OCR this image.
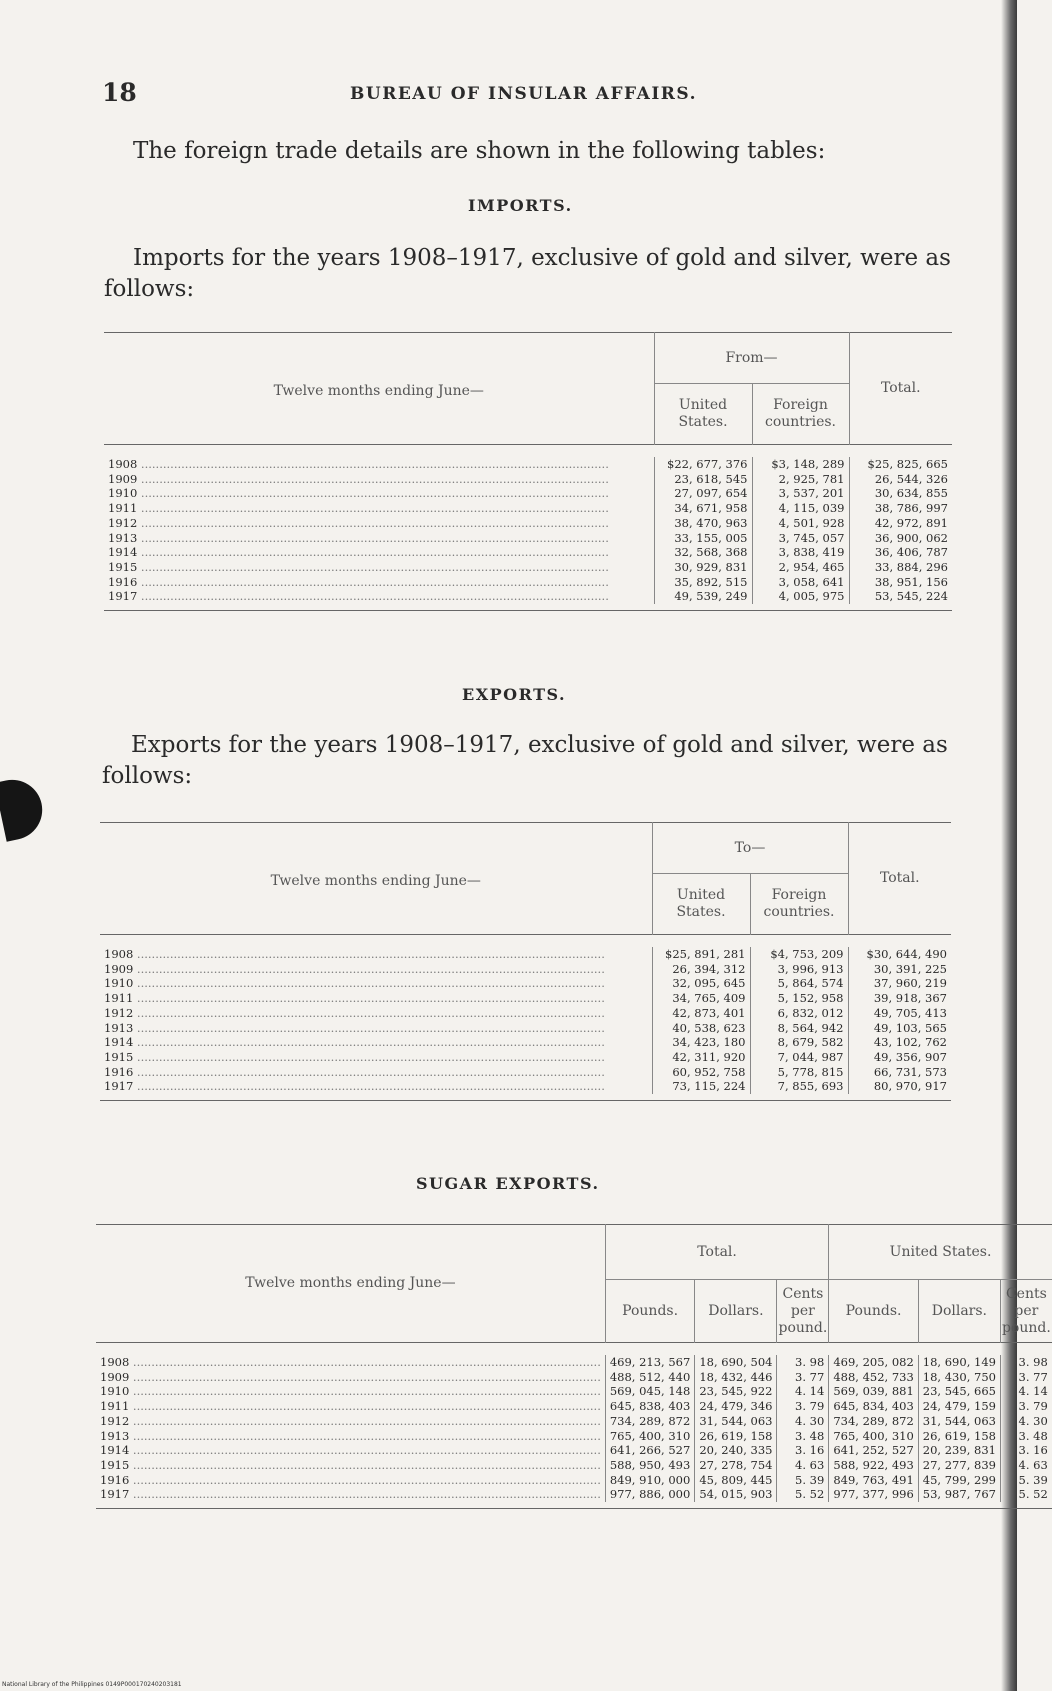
18	BUREAU OF INSULAR AFFAIRS.
The foreign trade details are shown in the following tables:
IMPORTS.
Imports for the years 1908–1917, exclusive of gold and silver, were as follows:
Twelve months ending June—	From—		Total.
	United States.	Foreign countries.	

1908 .....	$22, 677, 376	$3, 148, 289	$25, 825, 665
1909 .....	23, 618, 545	2, 925, 781	26, 544, 326
1910 .....	27, 097, 654	3, 537, 201	30, 634, 855
1911 .....	34, 671, 958	4, 115, 039	38, 786, 997
1912 .....	38, 470, 963	4, 501, 928	42, 972, 891
1913 .....	33, 155, 005	3, 745, 057	36, 900, 062
1914 .....	32, 568, 368	3, 838, 419	36, 406, 787
1915 .....	30, 929, 831	2, 954, 465	33, 884, 296
1916 .....	35, 892, 515	3, 058, 641	38, 951, 156
1917 .....	49, 539, 249	4, 005, 975	53, 545, 224

EXPORTS.
Exports for the years 1908–1917, exclusive of gold and silver, were as follows:
Twelve months ending June—	To—		Total.
	United States.	Foreign countries.	

1908 .....	$25, 891, 281	$4, 753, 209	$30, 644, 490
1909 .....	26, 394, 312	3, 996, 913	30, 391, 225
1910 .....	32, 095, 645	5, 864, 574	37, 960, 219
1911 .....	34, 765, 409	5, 152, 958	39, 918, 367
1912 .....	42, 873, 401	6, 832, 012	49, 705, 413
1913 .....	40, 538, 623	8, 564, 942	49, 103, 565
1914 .....	34, 423, 180	8, 679, 582	43, 102, 762
1915 .....	42, 311, 920	7, 044, 987	49, 356, 907
1916 .....	60, 952, 758	5, 778, 815	66, 731, 573
1917 .....	73, 115, 224	7, 855, 693	80, 970, 917

SUGAR EXPORTS.
Twelve months ending June—	Total.			United States.		
	Pounds.	Dollars.	Cents per pound.	Pounds.	Dollars.	Cents per pound.

1908 .....	469, 213, 567	18, 690, 504	3. 98	469, 205, 082	18, 690, 149	3. 98
1909 .....	488, 512, 440	18, 432, 446	3. 77	488, 452, 733	18, 430, 750	3. 77
1910 .....	569, 045, 148	23, 545, 922	4. 14	569, 039, 881	23, 545, 665	4. 14
1911 .....	645, 838, 403	24, 479, 346	3. 79	645, 834, 403	24, 479, 159	3. 79
1912 .....	734, 289, 872	31, 544, 063	4. 30	734, 289, 872	31, 544, 063	4. 30
1913 .....	765, 400, 310	26, 619, 158	3. 48	765, 400, 310	26, 619, 158	3. 48
1914 .....	641, 266, 527	20, 240, 335	3. 16	641, 252, 527	20, 239, 831	3. 16
1915 .....	588, 950, 493	27, 278, 754	4. 63	588, 922, 493	27, 277, 839	4. 63
1916 .....	849, 910, 000	45, 809, 445	5. 39	849, 763, 491	45, 799, 299	5. 39
1917 .....	977, 886, 000	54, 015, 903	5. 52	977, 377, 996	53, 987, 767	5. 52

National Library of the Philippines 0149P000170240203181
